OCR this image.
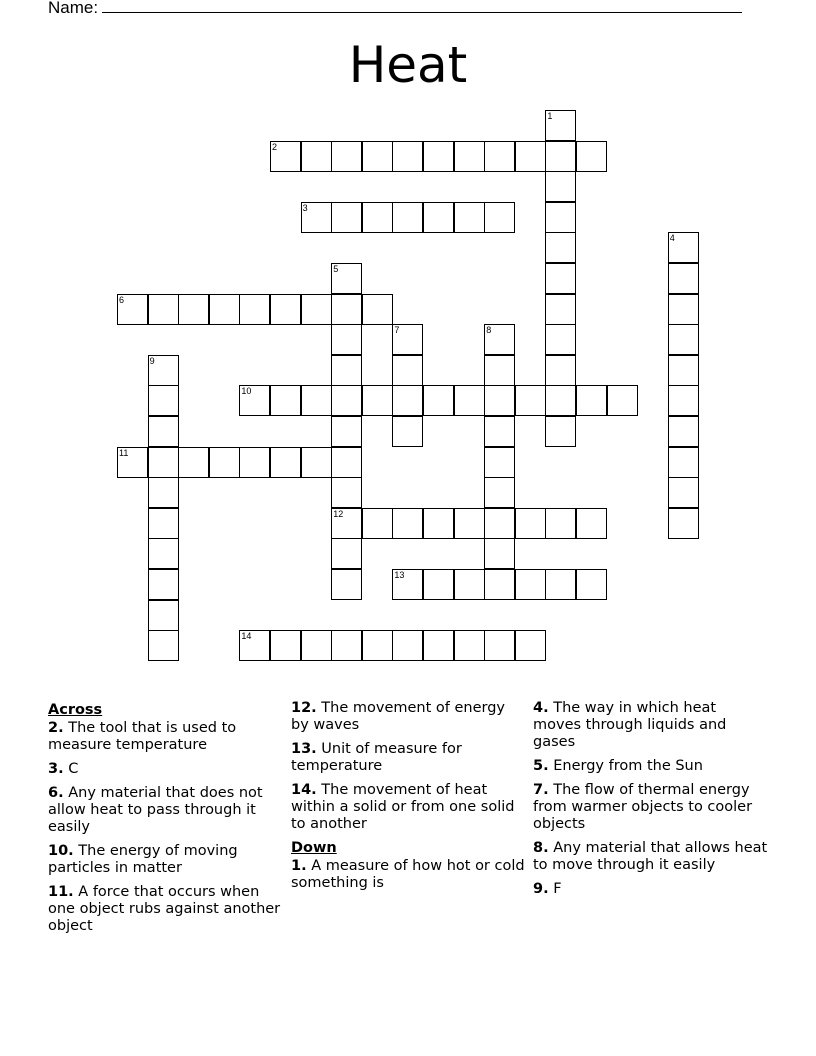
Name:
Heat
1
2
3
4
5
12
6
7	8
9
10
11
13
14
Across
2. The tool that is used to measure temperature
3. C
6. Any material that does not allow heat to pass through it easily
10. The energy of moving particles in matter
11. A force that occurs when one object rubs against another object
12. The movement of energy by waves
13. Unit of measure for temperature
14. The movement of heat within a solid or from one solid to another
Down
1. A measure of how hot or cold something is
4. The way in which heat moves through liquids and gases
5. Energy from the Sun
7. The flow of thermal energy from warmer objects to cooler objects
8. Any material that allows heat to move through it easily
9. F
